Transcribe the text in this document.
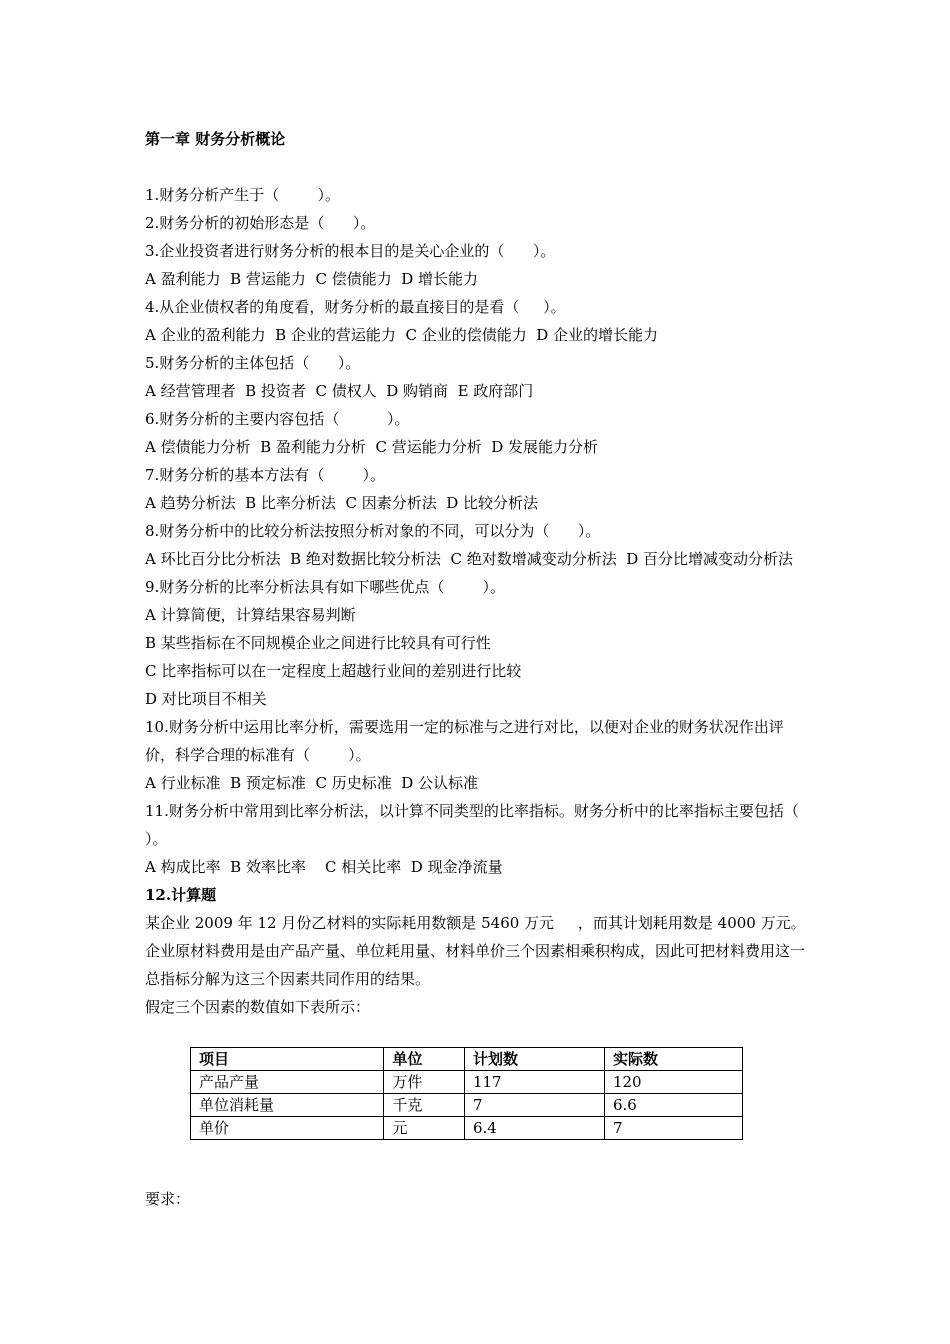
第一章 财务分析概论
1.财务分析产生于（        ）。
2.财务分析的初始形态是（      ）。
3.企业投资者进行财务分析的根本目的是关心企业的（      ）。
A 盈利能力  B 营运能力  C 偿债能力  D 增长能力
4.从企业债权者的角度看，财务分析的最直接目的是看（     ）。
A 企业的盈利能力  B 企业的营运能力  C 企业的偿债能力  D 企业的增长能力
5.财务分析的主体包括（      ）。
A 经营管理者  B 投资者  C 债权人  D 购销商  E 政府部门
6.财务分析的主要内容包括（          ）。
A 偿债能力分析  B 盈利能力分析  C 营运能力分析  D 发展能力分析
7.财务分析的基本方法有（        ）。
A 趋势分析法  B 比率分析法  C 因素分析法  D 比较分析法
8.财务分析中的比较分析法按照分析对象的不同，可以分为（      ）。
A 环比百分比分析法  B 绝对数据比较分析法  C 绝对数增减变动分析法  D 百分比增减变动分析法
9.财务分析的比率分析法具有如下哪些优点（        ）。
A 计算简便，计算结果容易判断
B 某些指标在不同规模企业之间进行比较具有可行性
C 比率指标可以在一定程度上超越行业间的差别进行比较
D 对比项目不相关
10.财务分析中运用比率分析，需要选用一定的标准与之进行对比，以便对企业的财务状况作出评价，科学合理的标准有（        ）。
A 行业标准  B 预定标准  C 历史标准  D 公认标准
11.财务分析中常用到比率分析法，以计算不同类型的比率指标。财务分析中的比率指标主要包括（        ）。
A 构成比率  B 效率比率    C 相关比率  D 现金净流量
12.计算题
某企业 2009 年 12 月份乙材料的实际耗用数额是 5460 万元     ，而其计划耗用数是 4000 万元。企业原材料费用是由产品产量、单位耗用量、材料单价三个因素相乘积构成，因此可把材料费用这一总指标分解为这三个因素共同作用的结果。
假定三个因素的数值如下表所示：
项目	单位	计划数	实际数
产品产量	万件	117	120
单位消耗量	千克	7	6.6
单价	元	6.4	7
要求：
